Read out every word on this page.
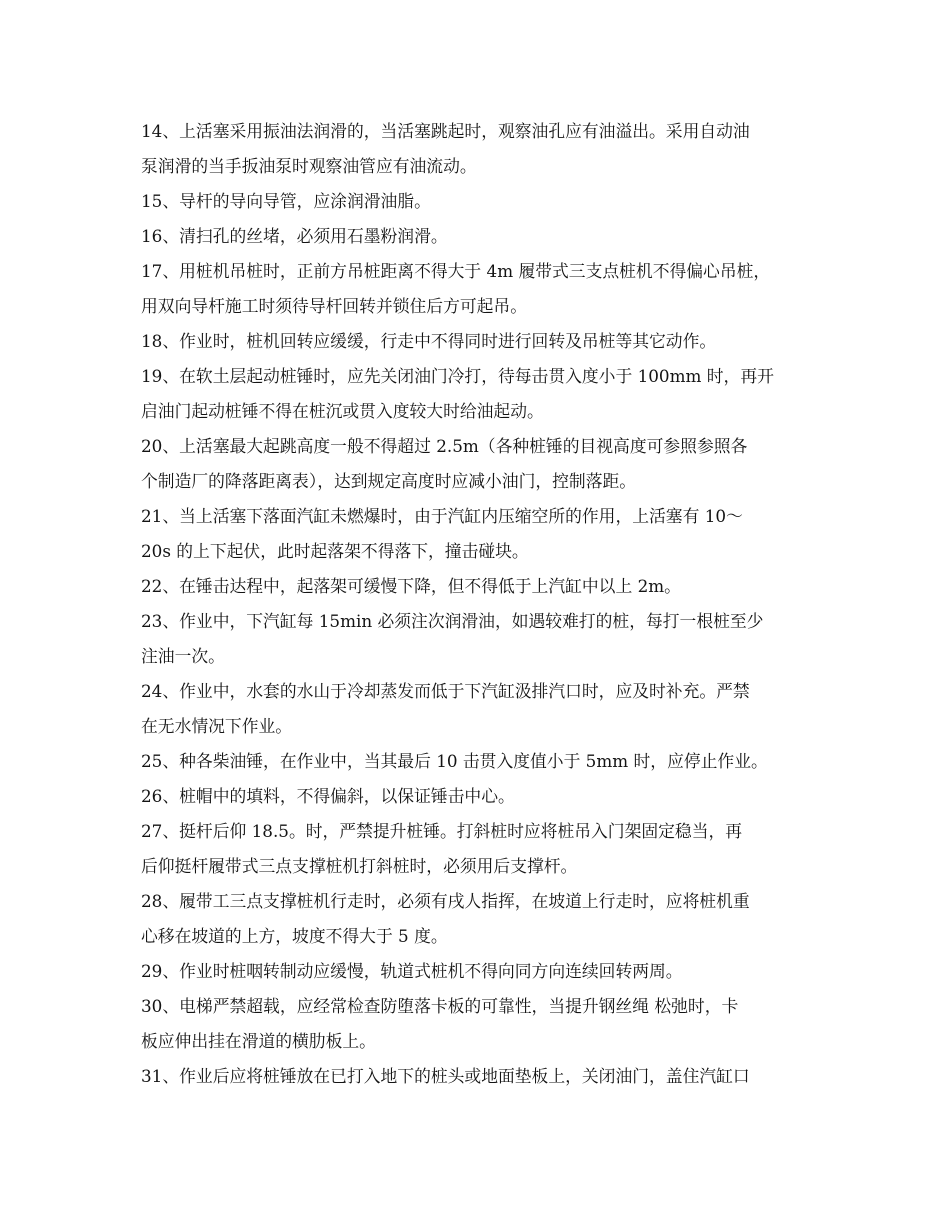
14、上活塞采用振油法润滑的，当活塞跳起时，观察油孔应有油溢出。采用自动油
泵润滑的当手扳油泵时观察油管应有油流动。
15、导杆的导向导管，应涂润滑油脂。
16、清扫孔的丝堵，必须用石墨粉润滑。
17、用桩机吊桩时，正前方吊桩距离不得大于 4m 履带式三支点桩机不得偏心吊桩，
用双向导杆施工时须待导杆回转并锁住后方可起吊。
18、作业时，桩机回转应缓缓，行走中不得同时进行回转及吊桩等其它动作。
19、在软土层起动桩锤时，应先关闭油门冷打，待每击贯入度小于 100mm 时，再开
启油门起动桩锤不得在桩沉或贯入度较大时给油起动。
20、上活塞最大起跳高度一般不得超过 2.5m（各种桩锤的目视高度可参照参照各
个制造厂的降落距离表），达到规定高度时应减小油门，控制落距。
21、当上活塞下落面汽缸未燃爆时，由于汽缸内压缩空所的作用，上活塞有 10～
20s 的上下起伏，此时起落架不得落下，撞击碰块。
22、在锤击达程中，起落架可缓慢下降，但不得低于上汽缸中以上 2m。
23、作业中，下汽缸每 15min 必须注次润滑油，如遇较难打的桩，每打一根桩至少
注油一次。
24、作业中，水套的水山于冷却蒸发而低于下汽缸汲排汽口时，应及时补充。严禁
在无水情况下作业。
25、种各柴油锤，在作业中，当其最后 10 击贯入度值小于 5mm 时，应停止作业。
26、桩帽中的填料，不得偏斜，以保证锤击中心。
27、挺杆后仰 18.5。时，严禁提升桩锤。打斜桩时应将桩吊入门架固定稳当，再
后仰挺杆履带式三点支撑桩机打斜桩时，必须用后支撑杆。
28、履带工三点支撑桩机行走时，必须有戌人指挥，在坡道上行走时，应将桩机重
心移在坡道的上方，坡度不得大于 5 度。
29、作业时桩咽转制动应缓慢，轨道式桩机不得向同方向连续回转两周。
30、电梯严禁超载，应经常检查防堕落卡板的可靠性，当提升钢丝绳 松弛时，卡
板应伸出挂在滑道的横肋板上。
31、作业后应将桩锤放在已打入地下的桩头或地面垫板上，关闭油门，盖住汽缸口
